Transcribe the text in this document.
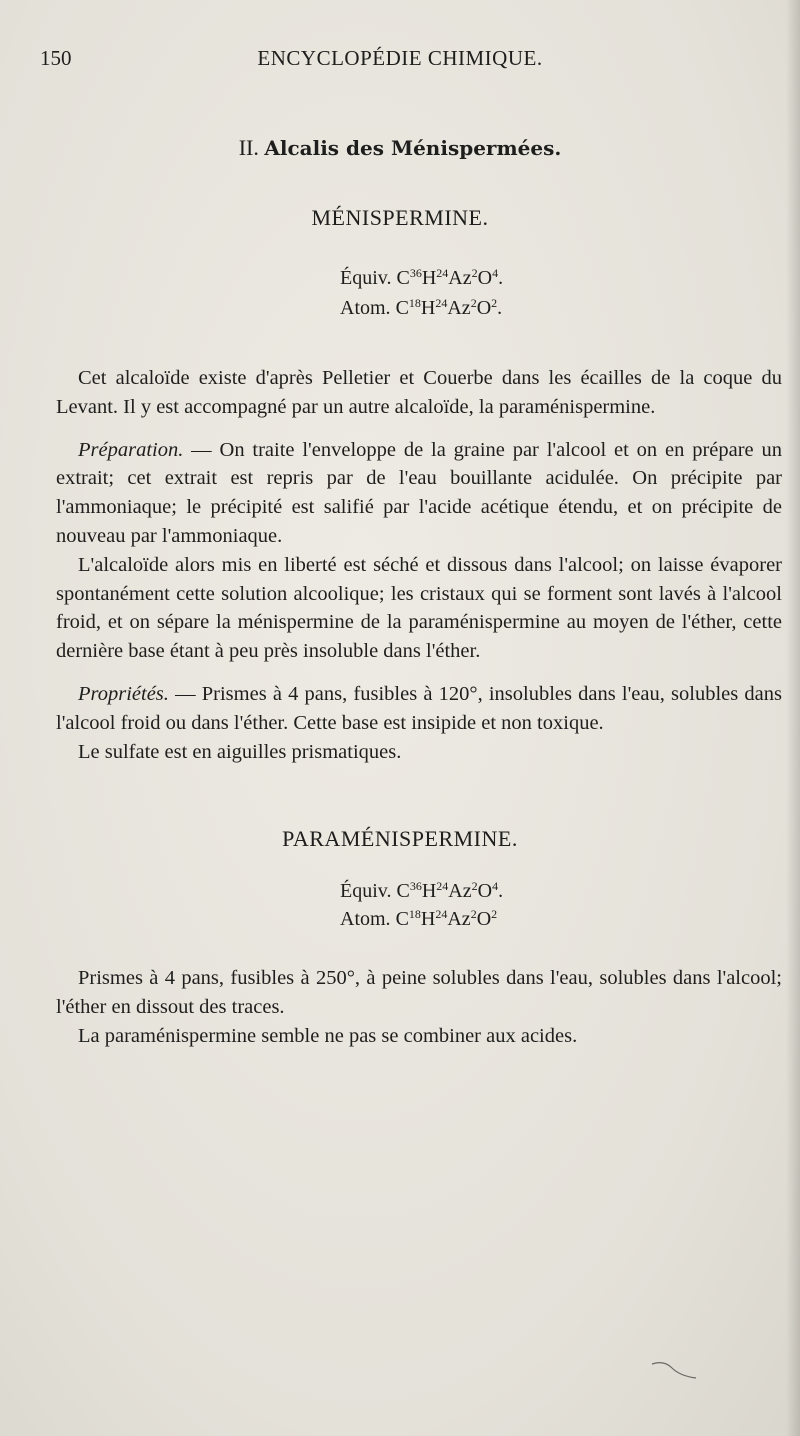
150	ENCYCLOPÉDIE CHIMIQUE.
II. Alcalis des Ménispermées.
MÉNISPERMINE.
Équiv. $C^{36}H^{24}Az^2O^4$.
Atom. $C^{18}H^{24}Az^2O^2$.

Cet alcaloïde existe d'après Pelletier et Couerbe dans les écailles de la coque du Levant. Il y est accompagné par un autre alcaloïde, la paraménispermine.

Préparation. — On traite l'enveloppe de la graine par l'alcool et on en prépare un extrait; cet extrait est repris par de l'eau bouillante acidulée. On précipite par l'ammoniaque; le précipité est salifié par l'acide acétique étendu, et on précipite de nouveau par l'ammoniaque.

L'alcaloïde alors mis en liberté est séché et dissous dans l'alcool; on laisse évaporer spontanément cette solution alcoolique; les cristaux qui se forment sont lavés à l'alcool froid, et on sépare la ménispermine de la paraménispermine au moyen de l'éther, cette dernière base étant à peu près insoluble dans l'éther.

Propriétés. — Prismes à 4 pans, fusibles à 120°, insolubles dans l'eau, solubles dans l'alcool froid ou dans l'éther. Cette base est insipide et non toxique.

Le sulfate est en aiguilles prismatiques.

PARAMÉNISPERMINE.
Équiv. $C^{36}H^{24}Az^2O^4$.
Atom. $C^{18}H^{24}Az^2O^2$

Prismes à 4 pans, fusibles à 250°, à peine solubles dans l'eau, solubles dans l'alcool; l'éther en dissout des traces.

La paraménispermine semble ne pas se combiner aux acides.
